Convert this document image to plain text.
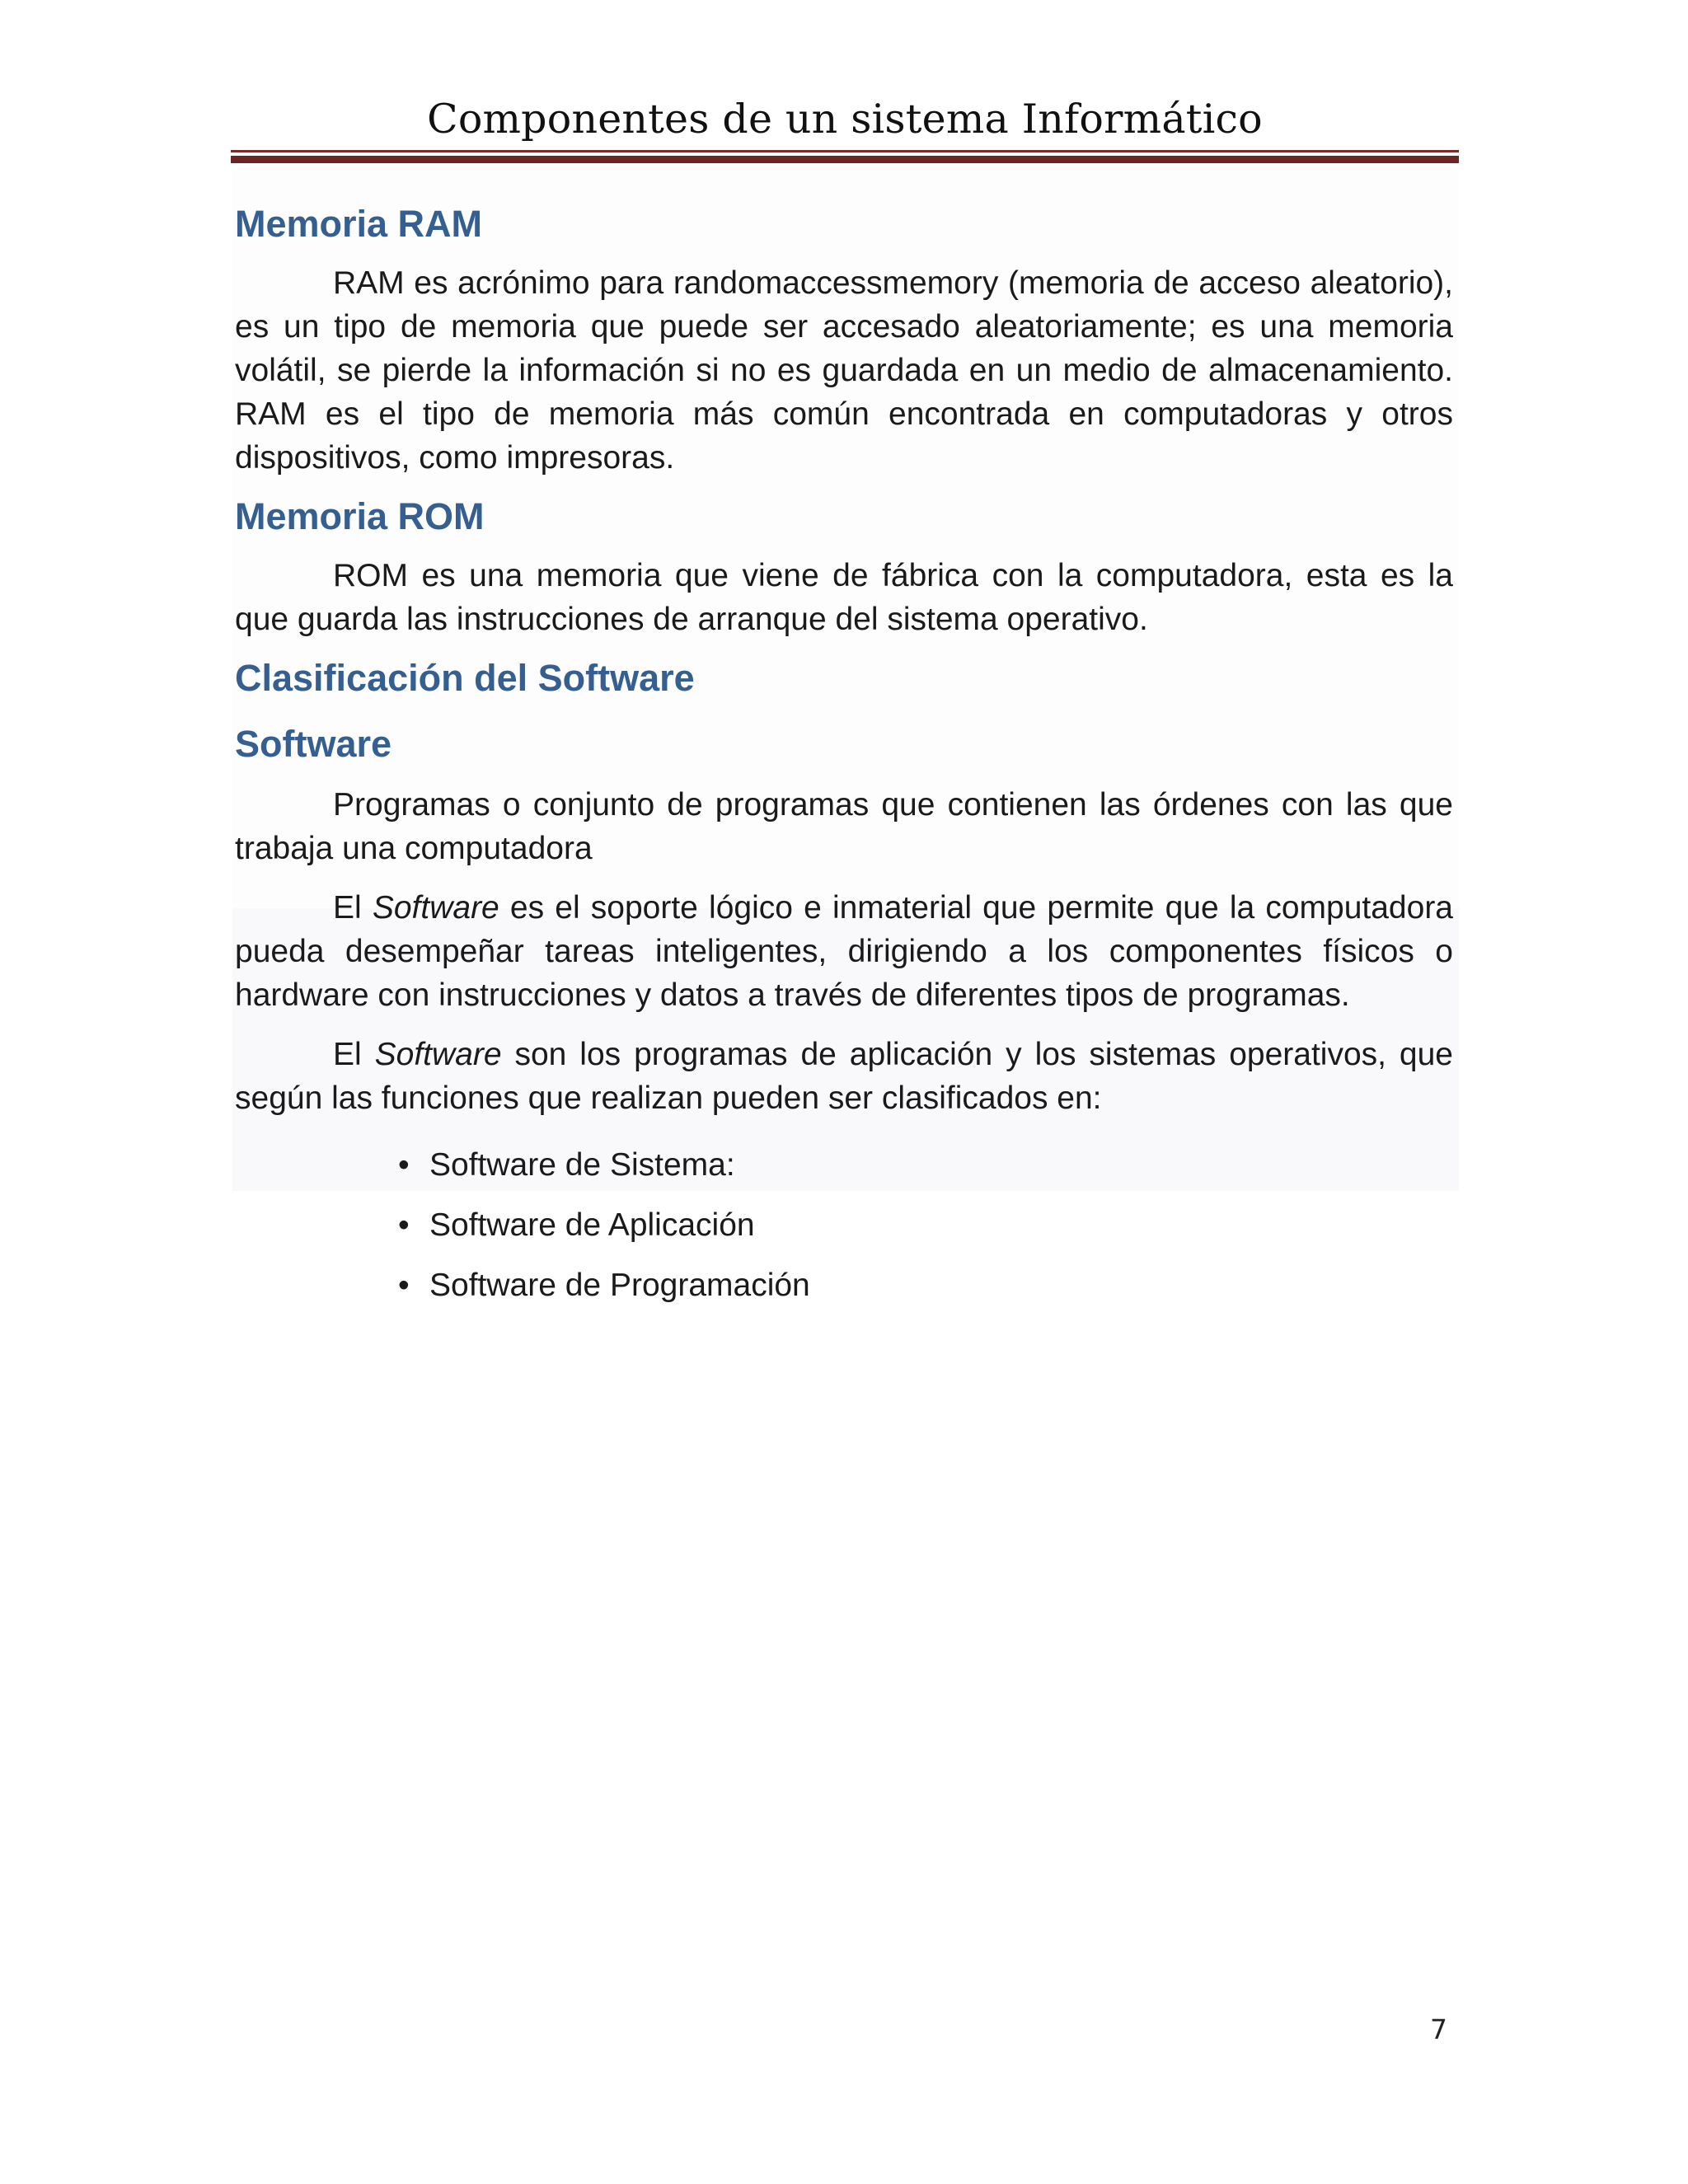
Componentes de un sistema Informático
Memoria RAM

RAM es acrónimo para randomaccessmemory (memoria de acceso aleatorio), es un tipo de memoria que puede ser accesado aleatoriamente; es una memoria volátil, se pierde la información si no es guardada en un medio de almacenamiento. RAM es el tipo de memoria más común encontrada en computadoras y otros dispositivos, como impresoras.

Memoria ROM

ROM es una memoria que viene de fábrica con la computadora, esta es la que guarda las instrucciones de arranque del sistema operativo.

Clasificación del Software
Software

Programas o conjunto de programas que contienen las órdenes con las que trabaja una computadora

El Software es el soporte lógico e inmaterial que permite que la computadora pueda desempeñar tareas inteligentes, dirigiendo a los componentes físicos o hardware con instrucciones y datos a través de diferentes tipos de programas.

El Software son los programas de aplicación y los sistemas operativos, que según las funciones que realizan pueden ser clasificados en:

• Software de Sistema:
• Software de Aplicación
• Software de Programación
7
